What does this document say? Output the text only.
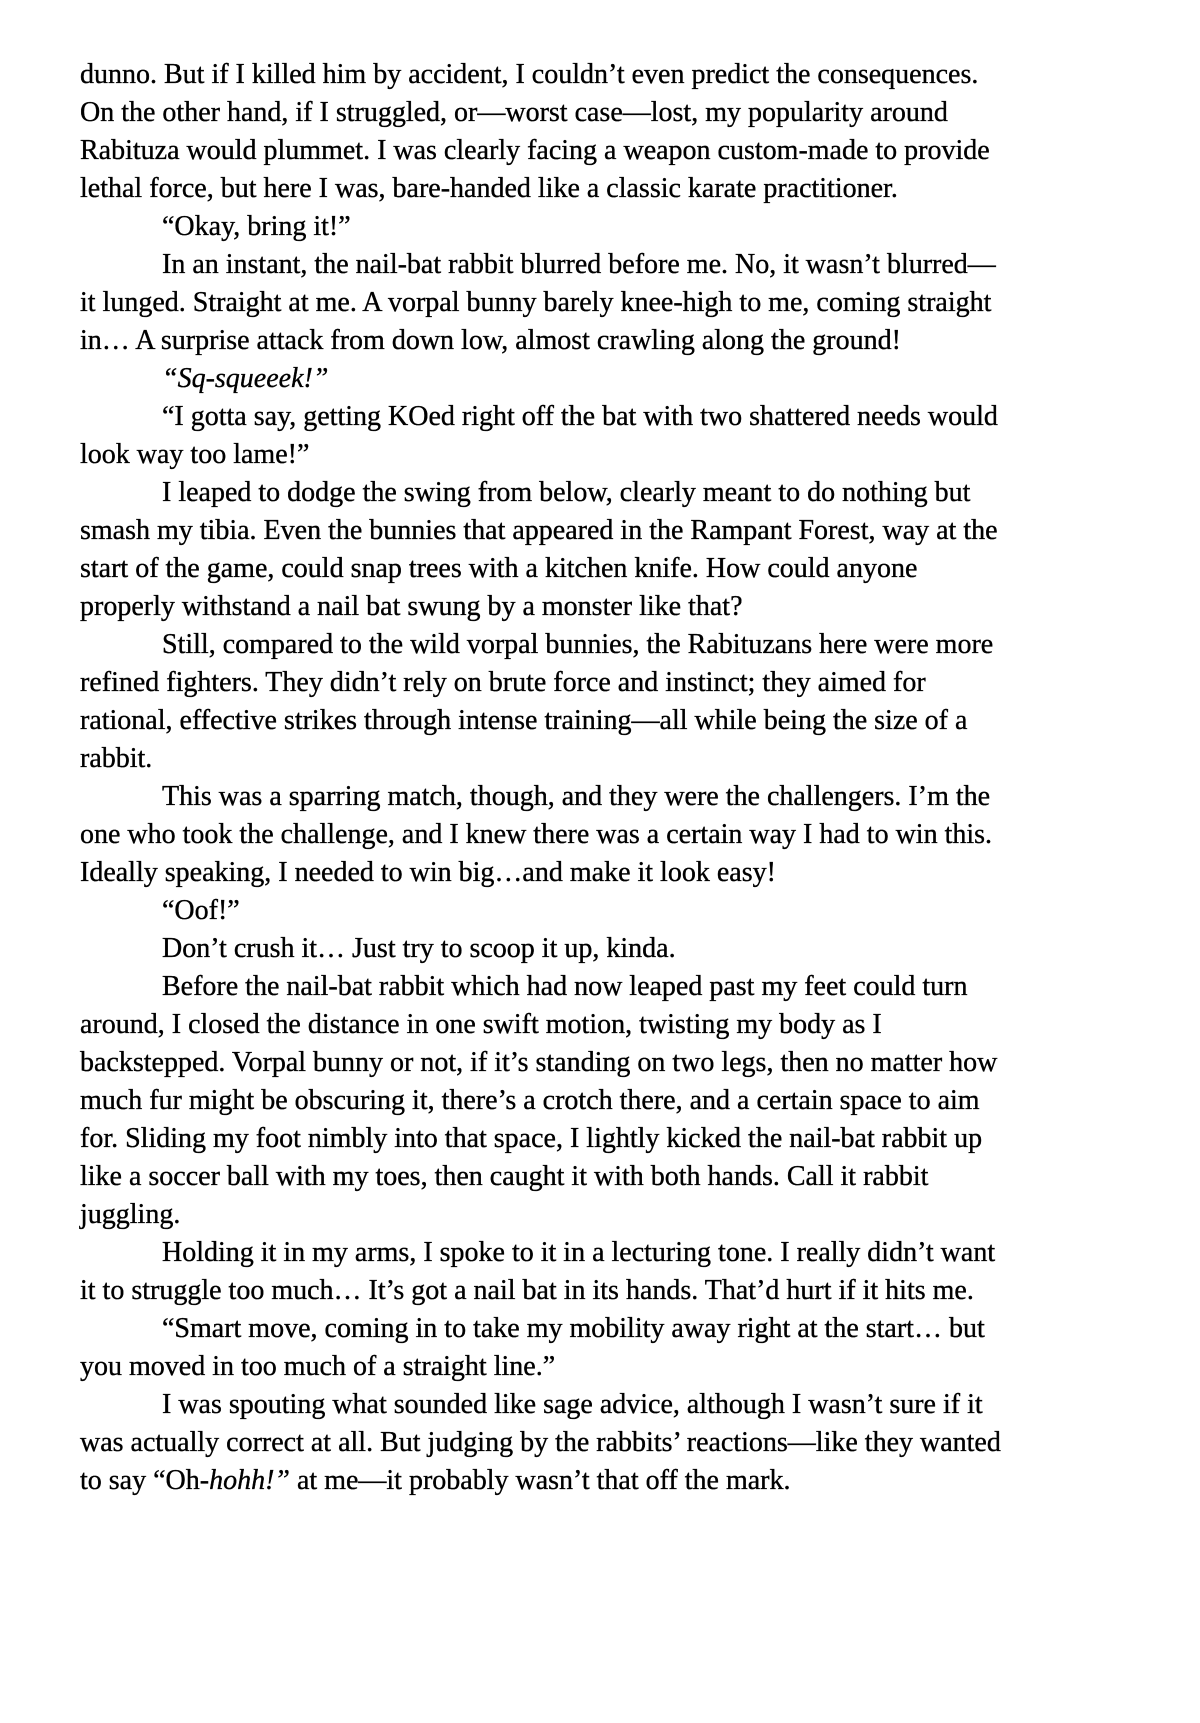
dunno. But if I killed him by accident, I couldn’t even predict the consequences. On the other hand, if I struggled, or—worst case—lost, my popularity around Rabituza would plummet. I was clearly facing a weapon custom-made to provide lethal force, but here I was, bare-handed like a classic karate practitioner.

“Okay, bring it!”

In an instant, the nail-bat rabbit blurred before me. No, it wasn’t blurred—it lunged. Straight at me. A vorpal bunny barely knee-high to me, coming straight in… A surprise attack from down low, almost crawling along the ground!

“Sq-squeeek!”

“I gotta say, getting KOed right off the bat with two shattered needs would look way too lame!”

I leaped to dodge the swing from below, clearly meant to do nothing but smash my tibia. Even the bunnies that appeared in the Rampant Forest, way at the start of the game, could snap trees with a kitchen knife. How could anyone properly withstand a nail bat swung by a monster like that?

Still, compared to the wild vorpal bunnies, the Rabituzans here were more refined fighters. They didn’t rely on brute force and instinct; they aimed for rational, effective strikes through intense training—all while being the size of a rabbit.

This was a sparring match, though, and they were the challengers. I’m the one who took the challenge, and I knew there was a certain way I had to win this. Ideally speaking, I needed to win big…and make it look easy!

“Oof!”

Don’t crush it… Just try to scoop it up, kinda.

Before the nail-bat rabbit which had now leaped past my feet could turn around, I closed the distance in one swift motion, twisting my body as I backstepped. Vorpal bunny or not, if it’s standing on two legs, then no matter how much fur might be obscuring it, there’s a crotch there, and a certain space to aim for. Sliding my foot nimbly into that space, I lightly kicked the nail-bat rabbit up like a soccer ball with my toes, then caught it with both hands. Call it rabbit juggling.

Holding it in my arms, I spoke to it in a lecturing tone. I really didn’t want it to struggle too much… It’s got a nail bat in its hands. That’d hurt if it hits me.

“Smart move, coming in to take my mobility away right at the start… but you moved in too much of a straight line.”

I was spouting what sounded like sage advice, although I wasn’t sure if it was actually correct at all. But judging by the rabbits’ reactions—like they wanted to say “Oh-hohh!” at me—it probably wasn’t that off the mark.
